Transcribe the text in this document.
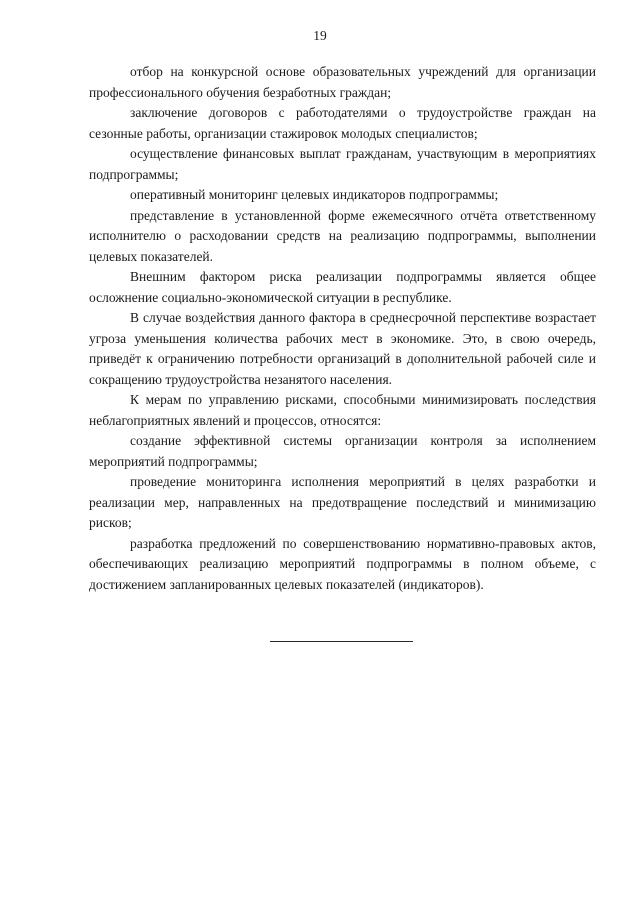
19

отбор на конкурсной основе образовательных учреждений для организации профессионального обучения безработных граждан;

заключение договоров с работодателями о трудоустройстве граждан на сезонные работы, организации стажировок молодых специалистов;

осуществление финансовых выплат гражданам, участвующим в мероприятиях подпрограммы;

оперативный мониторинг целевых индикаторов подпрограммы;

представление в установленной форме ежемесячного отчёта ответственному исполнителю о расходовании средств на реализацию подпрограммы, выполнении целевых показателей.

Внешним фактором риска реализации подпрограммы является общее осложнение социально-экономической ситуации в республике.

В случае воздействия данного фактора в среднесрочной перспективе возрастает угроза уменьшения количества рабочих мест в экономике. Это, в свою очередь, приведёт к ограничению потребности организаций в дополнительной рабочей силе и сокращению трудоустройства незанятого населения.

К мерам по управлению рисками, способными минимизировать последствия неблагоприятных явлений и процессов, относятся:

создание эффективной системы организации контроля за исполнением мероприятий подпрограммы;

проведение мониторинга исполнения мероприятий в целях разработки и реализации мер, направленных на предотвращение последствий и минимизацию рисков;

разработка предложений по совершенствованию нормативно-правовых актов, обеспечивающих реализацию мероприятий подпрограммы в полном объеме, с достижением запланированных целевых показателей (индикаторов).
